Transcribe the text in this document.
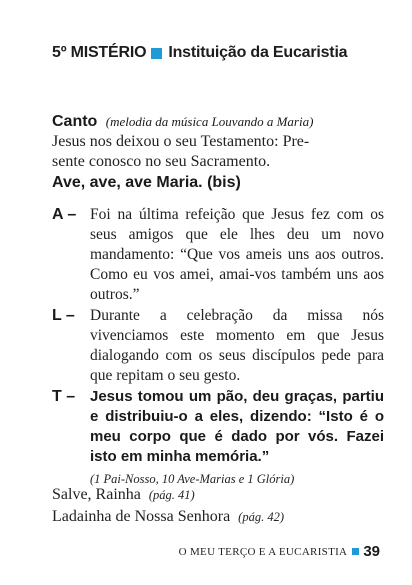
5º MISTÉRIO Instituição da Eucaristia
Canto (melodia da música Louvando a Maria)
Jesus nos deixou o seu Testamento: Pre-
sente conosco no seu Sacramento.
Ave, ave, ave Maria. (bis)
A – Foi na última refeição que Jesus fez com os seus amigos que ele lhes deu um novo mandamento: “Que vos ameis uns aos outros. Como eu vos amei, amai-vos também uns aos outros.”
L – Durante a celebração da missa nós vivenciamos este momento em que Jesus dialogando com os seus discípulos pede para que repitam o seu gesto.
T – Jesus tomou um pão, deu graças, partiu e distribuiu-o a eles, dizendo: “Isto é o meu corpo que é dado por vós. Fazei isto em minha memória.”
(1 Pai-Nosso, 10 Ave-Marias e 1 Glória)
Salve, Rainha (pág. 41)
Ladainha de Nossa Senhora (pág. 42)
O MEU TERÇO E A EUCARISTIA 39
